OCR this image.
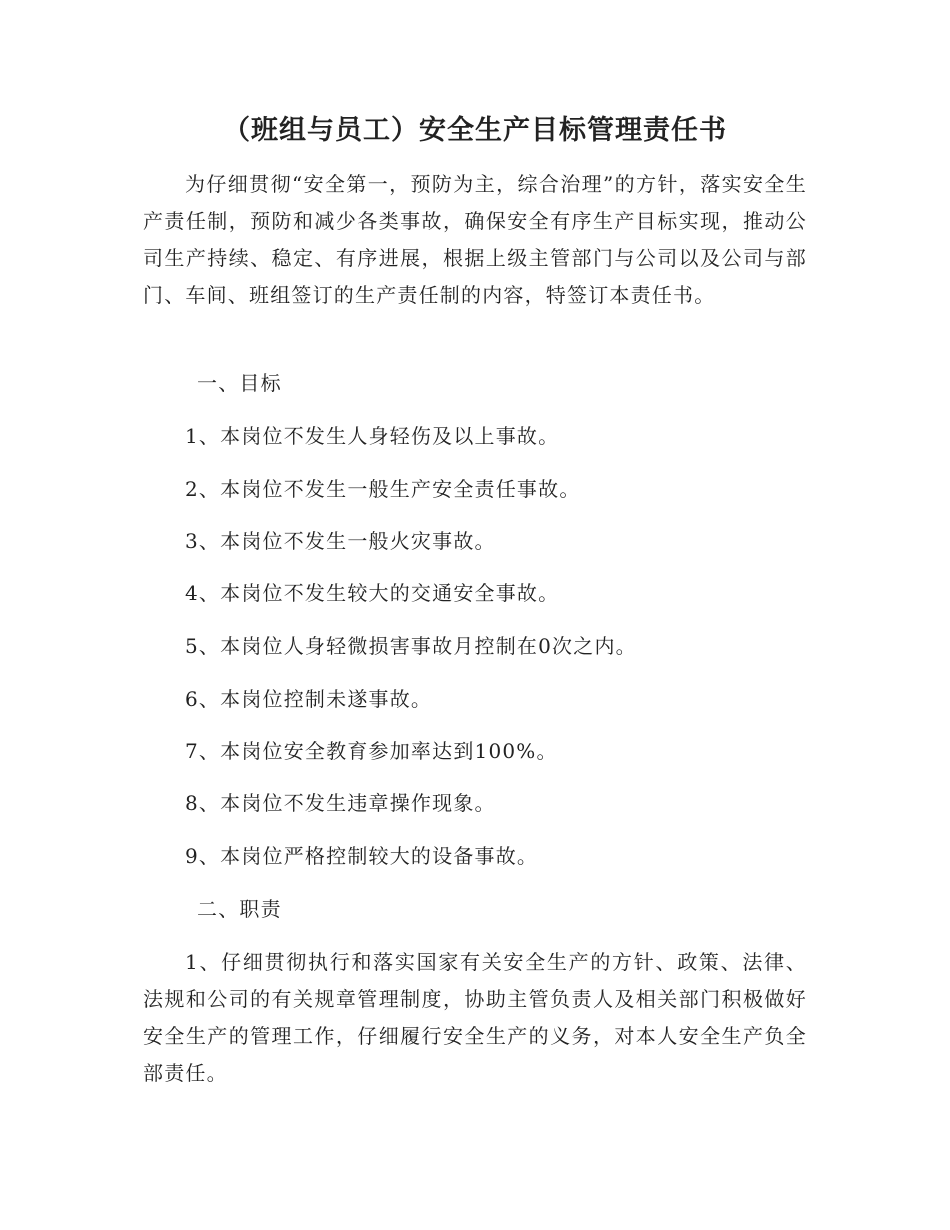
（班组与员工）安全生产目标管理责任书

为仔细贯彻“安全第一，预防为主，综合治理”的方针，落实安全生产责任制，预防和减少各类事故，确保安全有序生产目标实现，推动公司生产持续、稳定、有序进展，根据上级主管部门与公司以及公司与部门、车间、班组签订的生产责任制的内容，特签订本责任书。

一、目标
1、本岗位不发生人身轻伤及以上事故。
2、本岗位不发生一般生产安全责任事故。
3、本岗位不发生一般火灾事故。
4、本岗位不发生较大的交通安全事故。
5、本岗位人身轻微损害事故月控制在0次之内。
6、本岗位控制未遂事故。
7、本岗位安全教育参加率达到100%。
8、本岗位不发生违章操作现象。
9、本岗位严格控制较大的设备事故。
二、职责

1、仔细贯彻执行和落实国家有关安全生产的方针、政策、法律、法规和公司的有关规章管理制度，协助主管负责人及相关部门积极做好安全生产的管理工作，仔细履行安全生产的义务，对本人安全生产负全部责任。
